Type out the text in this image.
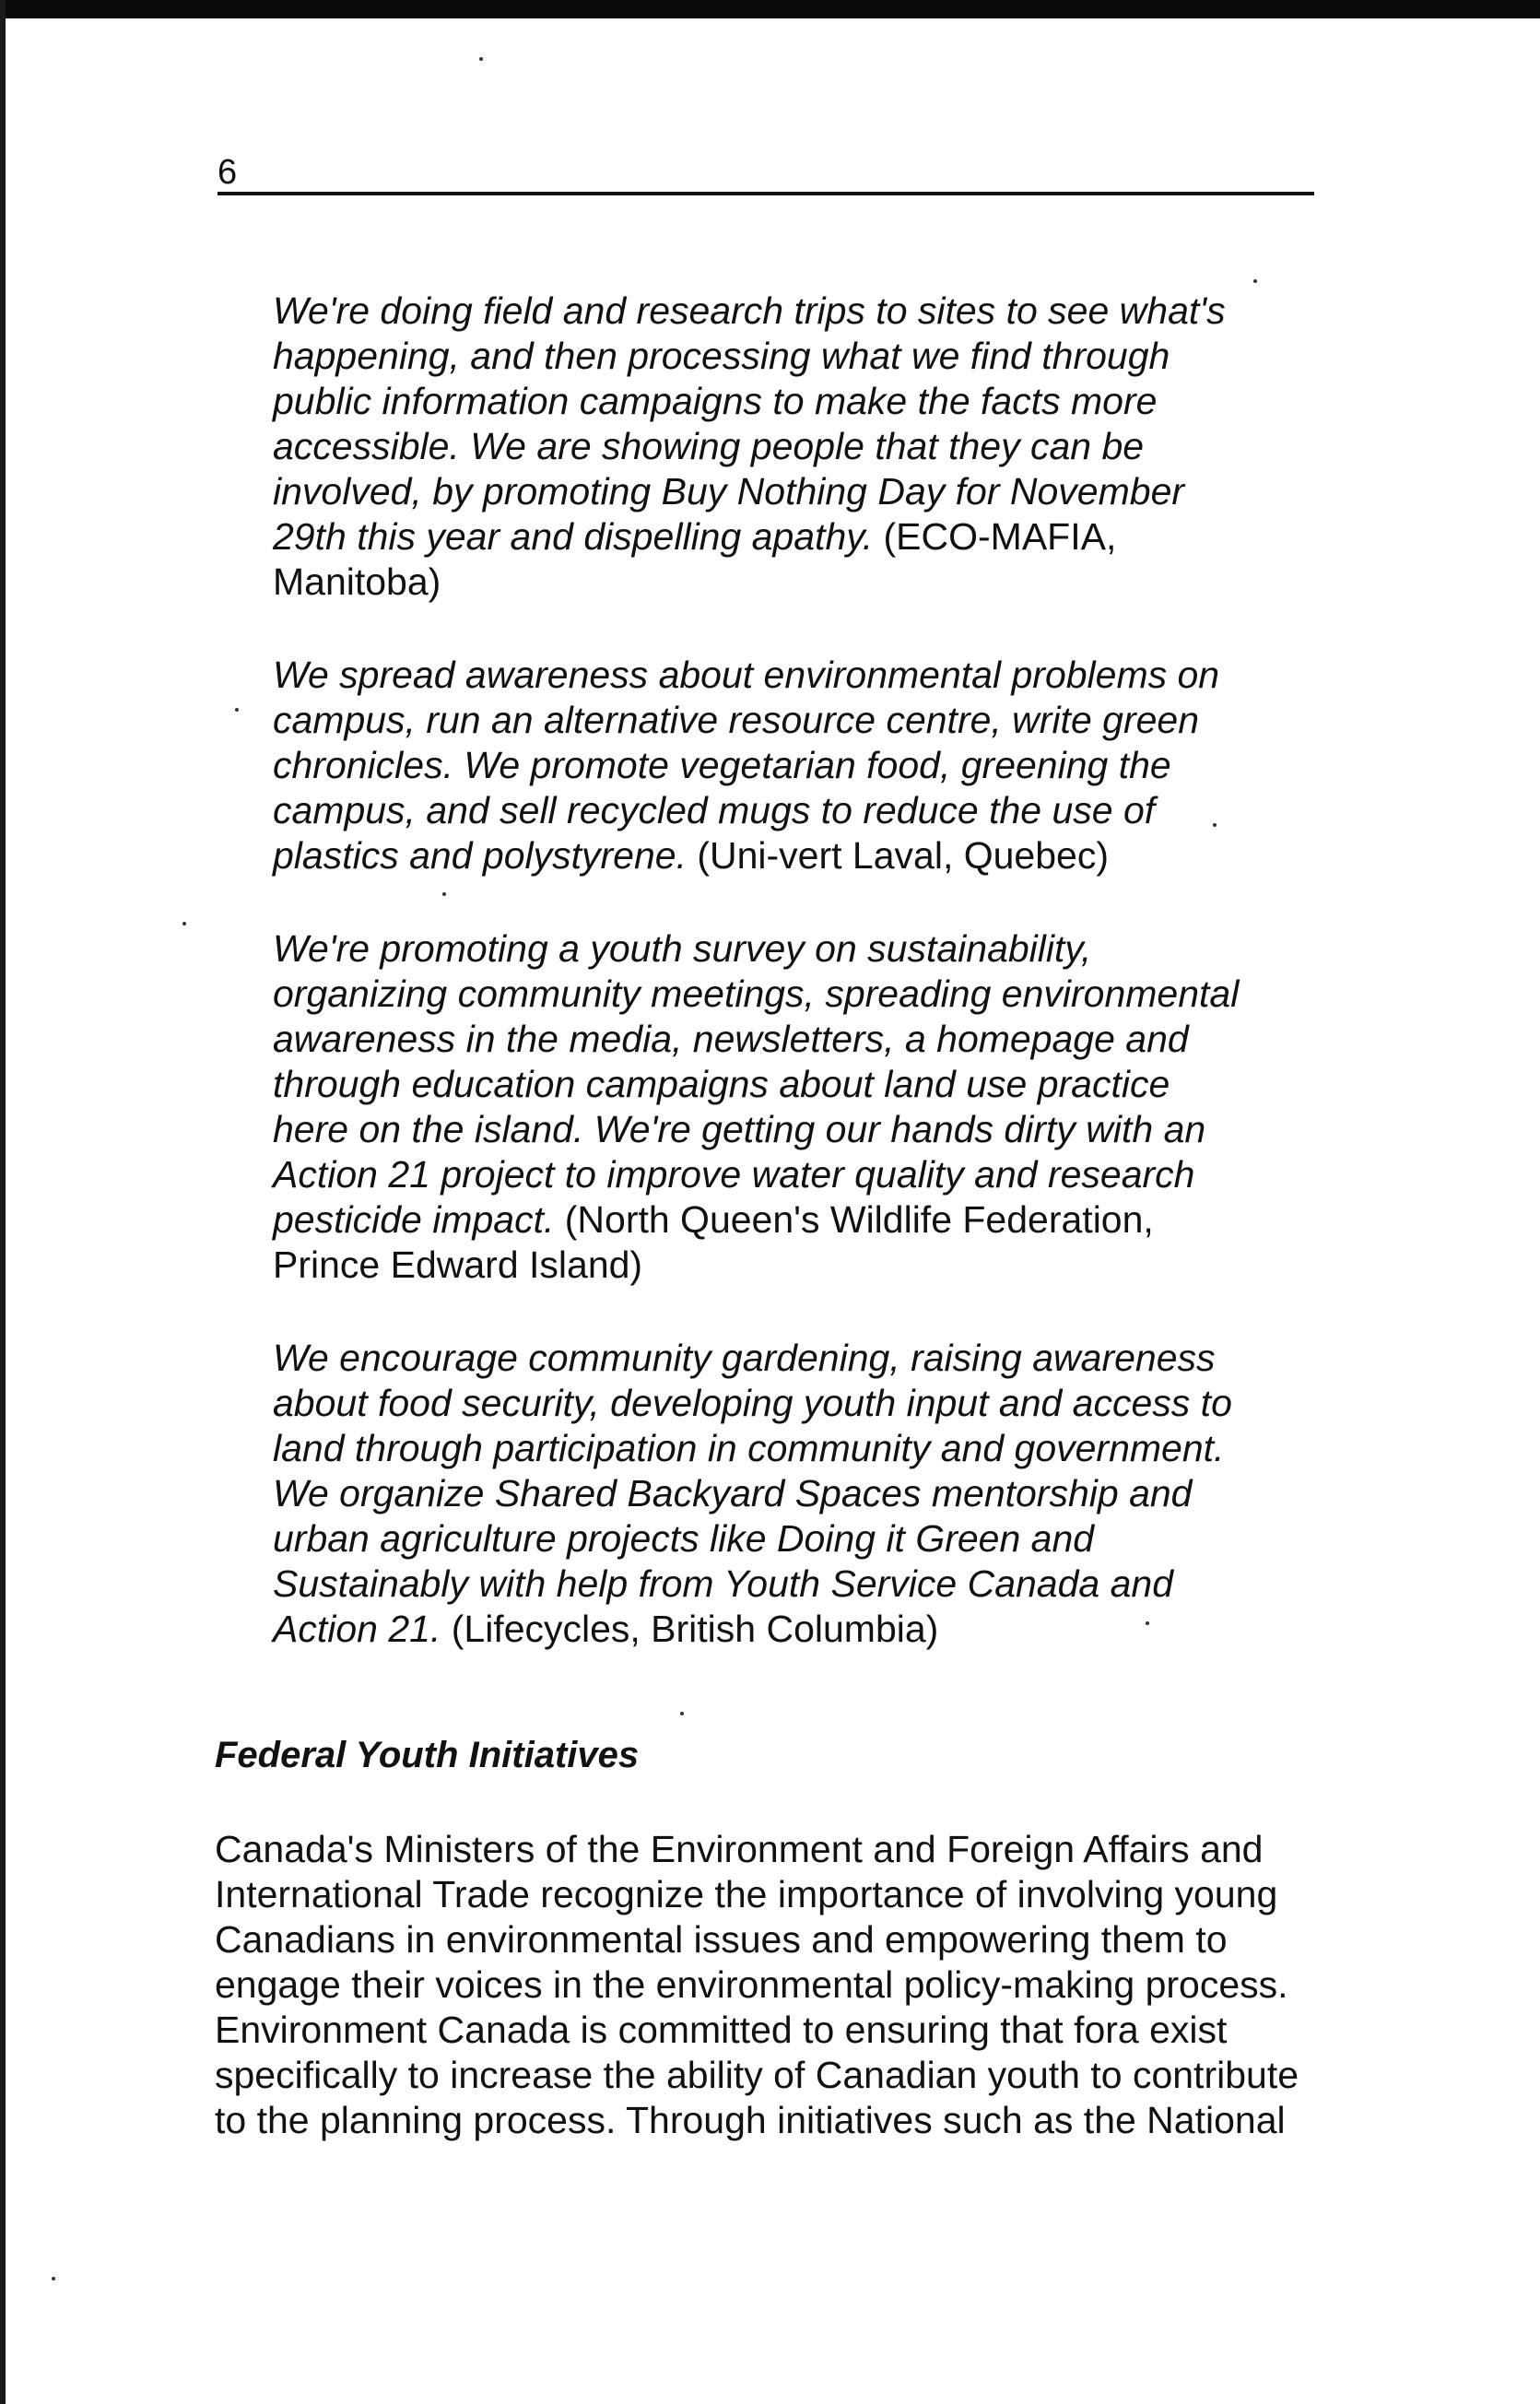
6

We're doing field and research trips to sites to see what's
happening, and then processing what we find through
public information campaigns to make the facts more
accessible. We are showing people that they can be
involved, by promoting Buy Nothing Day for November
29th this year and dispelling apathy. (ECO-MAFIA,
Manitoba)

We spread awareness about environmental problems on
campus, run an alternative resource centre, write green
chronicles. We promote vegetarian food, greening the
campus, and sell recycled mugs to reduce the use of
plastics and polystyrene. (Uni-vert Laval, Quebec)

We're promoting a youth survey on sustainability,
organizing community meetings, spreading environmental
awareness in the media, newsletters, a homepage and
through education campaigns about land use practice
here on the island. We're getting our hands dirty with an
Action 21 project to improve water quality and research
pesticide impact. (North Queen's Wildlife Federation,
Prince Edward Island)

We encourage community gardening, raising awareness
about food security, developing youth input and access to
land through participation in community and government.
We organize Shared Backyard Spaces mentorship and
urban agriculture projects like Doing it Green and
Sustainably with help from Youth Service Canada and
Action 21. (Lifecycles, British Columbia)

Federal Youth Initiatives
Canada's Ministers of the Environment and Foreign Affairs and
International Trade recognize the importance of involving young
Canadians in environmental issues and empowering them to
engage their voices in the environmental policy-making process.
Environment Canada is committed to ensuring that fora exist
specifically to increase the ability of Canadian youth to contribute
to the planning process. Through initiatives such as the National
